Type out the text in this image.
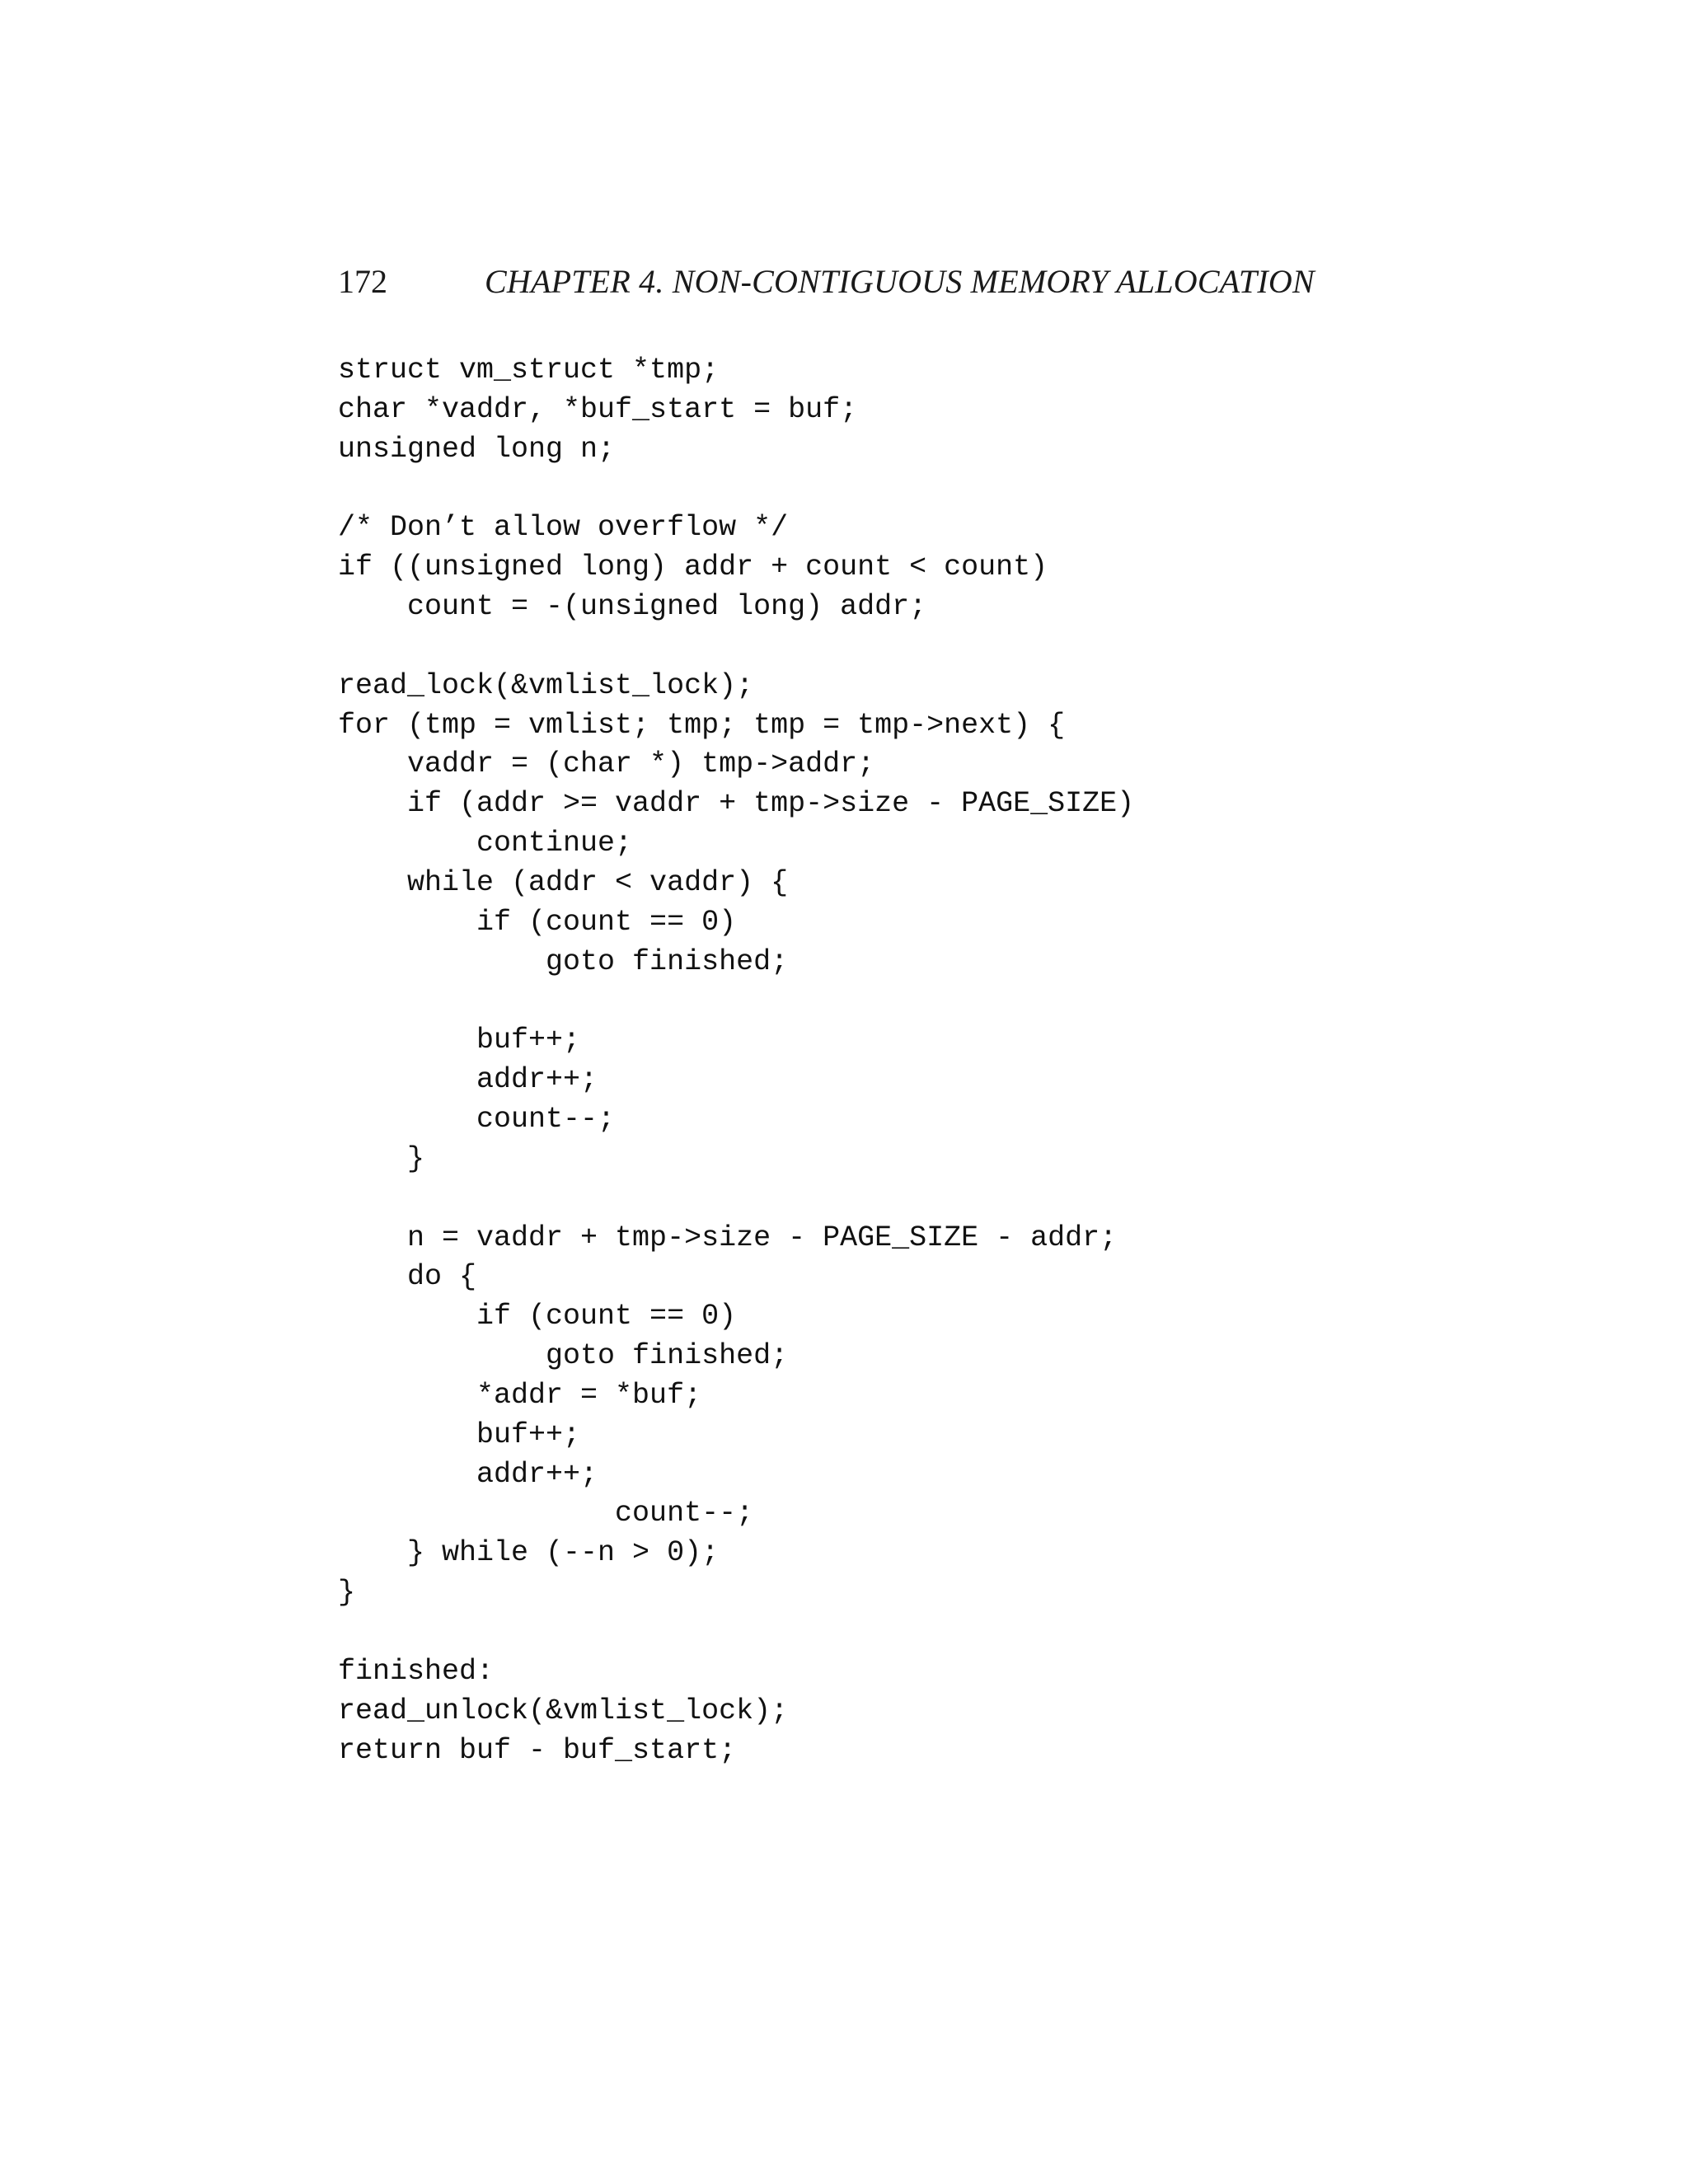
172	CHAPTER 4. NON-CONTIGUOUS MEMORY ALLOCATION
struct vm_struct *tmp;
char *vaddr, *buf_start = buf;
unsigned long n;
/* Don’t allow overflow */
if ((unsigned long) addr + count < count)
count = -(unsigned long) addr;
read_lock(&vmlist_lock);
for (tmp = vmlist; tmp; tmp = tmp->next) {
vaddr = (char *) tmp->addr;
if (addr >= vaddr + tmp->size - PAGE_SIZE)
continue;
while (addr < vaddr) {
if (count == 0)
goto finished;
buf++;
addr++;
count--;
}
n = vaddr + tmp->size - PAGE_SIZE - addr;
do {
if (count == 0)
goto finished;
*addr = *buf;
buf++;
addr++;
count--;
} while (--n > 0);
}
finished:
read_unlock(&vmlist_lock);
return buf - buf_start;
